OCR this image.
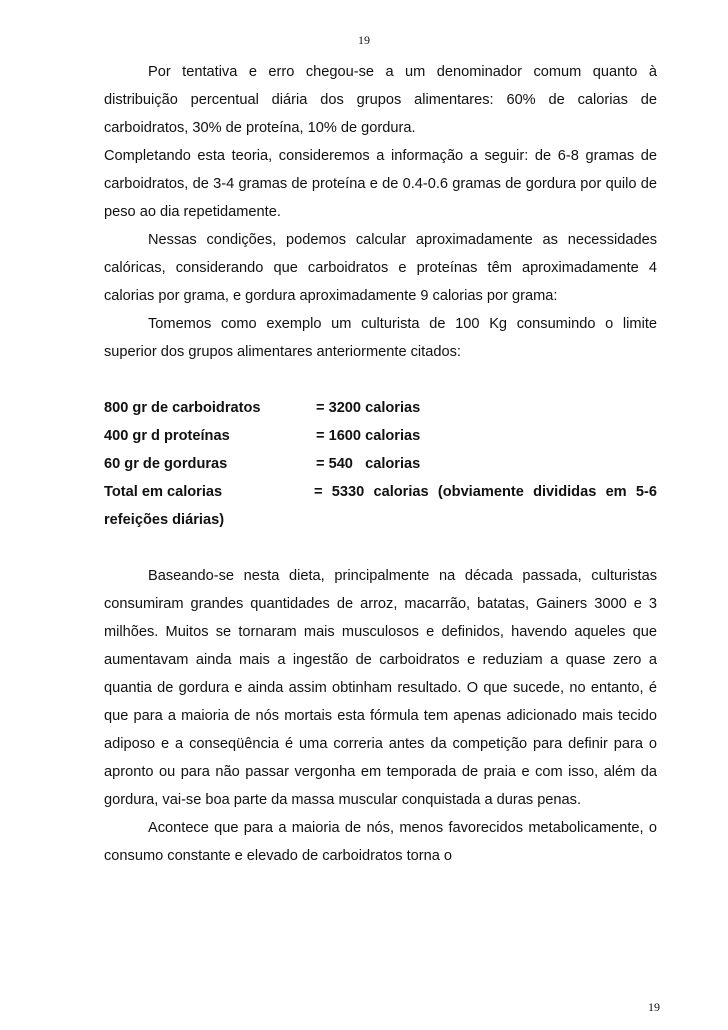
19

Por tentativa e erro chegou-se a um denominador comum quanto à distribuição percentual diária dos grupos alimentares: 60% de calorias de carboidratos, 30% de proteína, 10% de gordura.

Completando esta teoria, consideremos a informação a seguir: de 6-8 gramas de carboidratos, de 3-4 gramas de proteína e de 0.4-0.6 gramas de gordura por quilo de peso ao dia repetidamente.

Nessas condições, podemos calcular aproximadamente as necessidades calóricas, considerando que carboidratos e proteínas têm aproximadamente 4 calorias por grama, e gordura aproximadamente 9 calorias por grama:

Tomemos como exemplo um culturista de 100 Kg consumindo o limite superior dos grupos alimentares anteriormente citados:

800 gr de carboidratos	= 3200 calorias
400 gr d proteínas	= 1600 calorias
60 gr de gorduras	= 540   calorias

Total em calorias	= 5330 calorias (obviamente divididas em 5-6 refeições diárias)

Baseando-se nesta dieta, principalmente na década passada, culturistas consumiram grandes quantidades de arroz, macarrão, batatas, Gainers 3000 e 3 milhões. Muitos se tornaram mais musculosos e definidos, havendo aqueles que aumentavam ainda mais a ingestão de carboidratos e reduziam a quase zero a quantia de gordura e ainda assim obtinham resultado. O que sucede, no entanto, é que para a maioria de nós mortais esta fórmula tem apenas adicionado mais tecido adiposo e a conseqüência é uma correria antes da competição para definir para o apronto ou para não passar vergonha em temporada de praia e com isso, além da gordura, vai-se boa parte da massa muscular conquistada a duras penas.

Acontece que para a maioria de nós, menos favorecidos metabolicamente, o consumo constante e elevado de carboidratos torna o

19
